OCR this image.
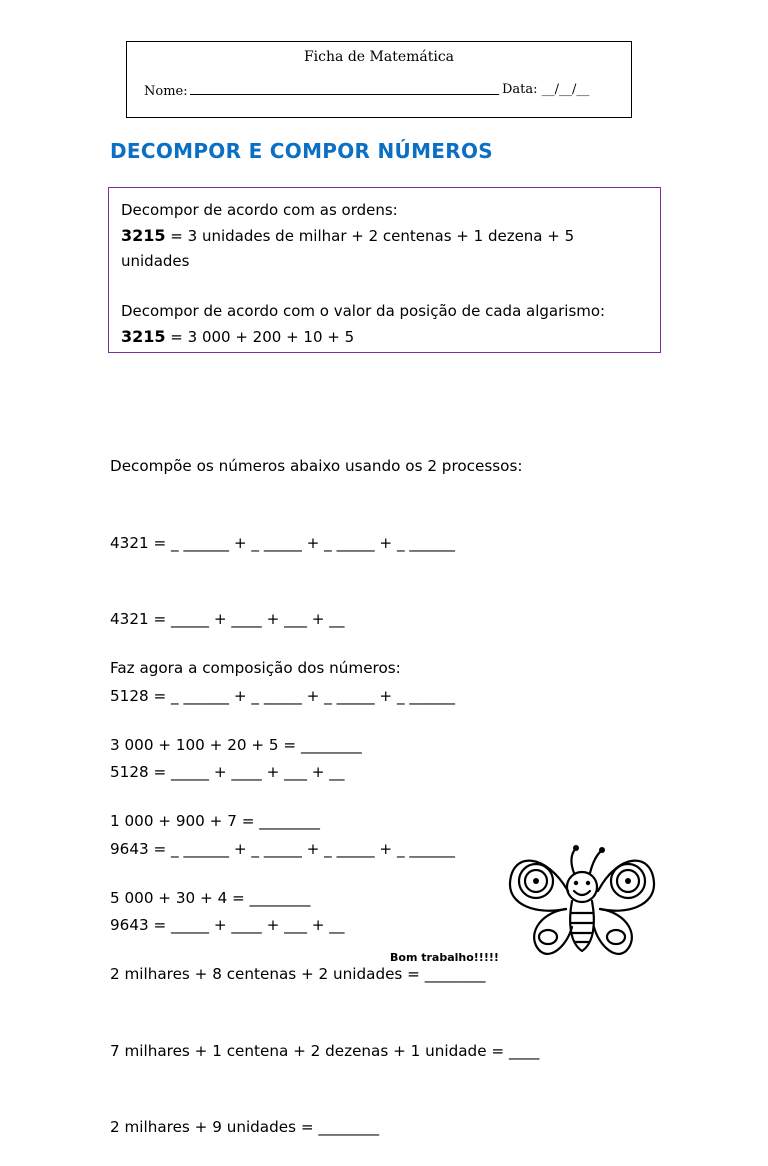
Ficha de Matemática
Nome:	Data: __/__/__
DECOMPOR E COMPOR NÚMEROS

Decompor de acordo com as ordens:

3215 = 3 unidades de milhar + 2 centenas + 1 dezena + 5

unidades

Decompor de acordo com o valor da posição de cada algarismo:

3215 = 3 000 + 200 + 10 + 5

Decompõe os números abaixo usando os 2 processos:

4321 = _ ______ + _ _____ + _ _____ + _ ______

4321 = _____ + ____ + ___ + __

5128 = _ ______ + _ _____ + _ _____ + _ ______

5128 = _____ + ____ + ___ + __

9643 = _ ______ + _ _____ + _ _____ + _ ______

9643 = _____ + ____ + ___ + __

Faz agora a composição dos números:

3 000 + 100 + 20 + 5 = ________

1 000 + 900 + 7 = ________

5 000 + 30 + 4 = ________

2 milhares + 8 centenas + 2 unidades = ________

7 milhares + 1 centena + 2 dezenas + 1 unidade = ____

2 milhares + 9 unidades = ________

Bom trabalho!!!!!
